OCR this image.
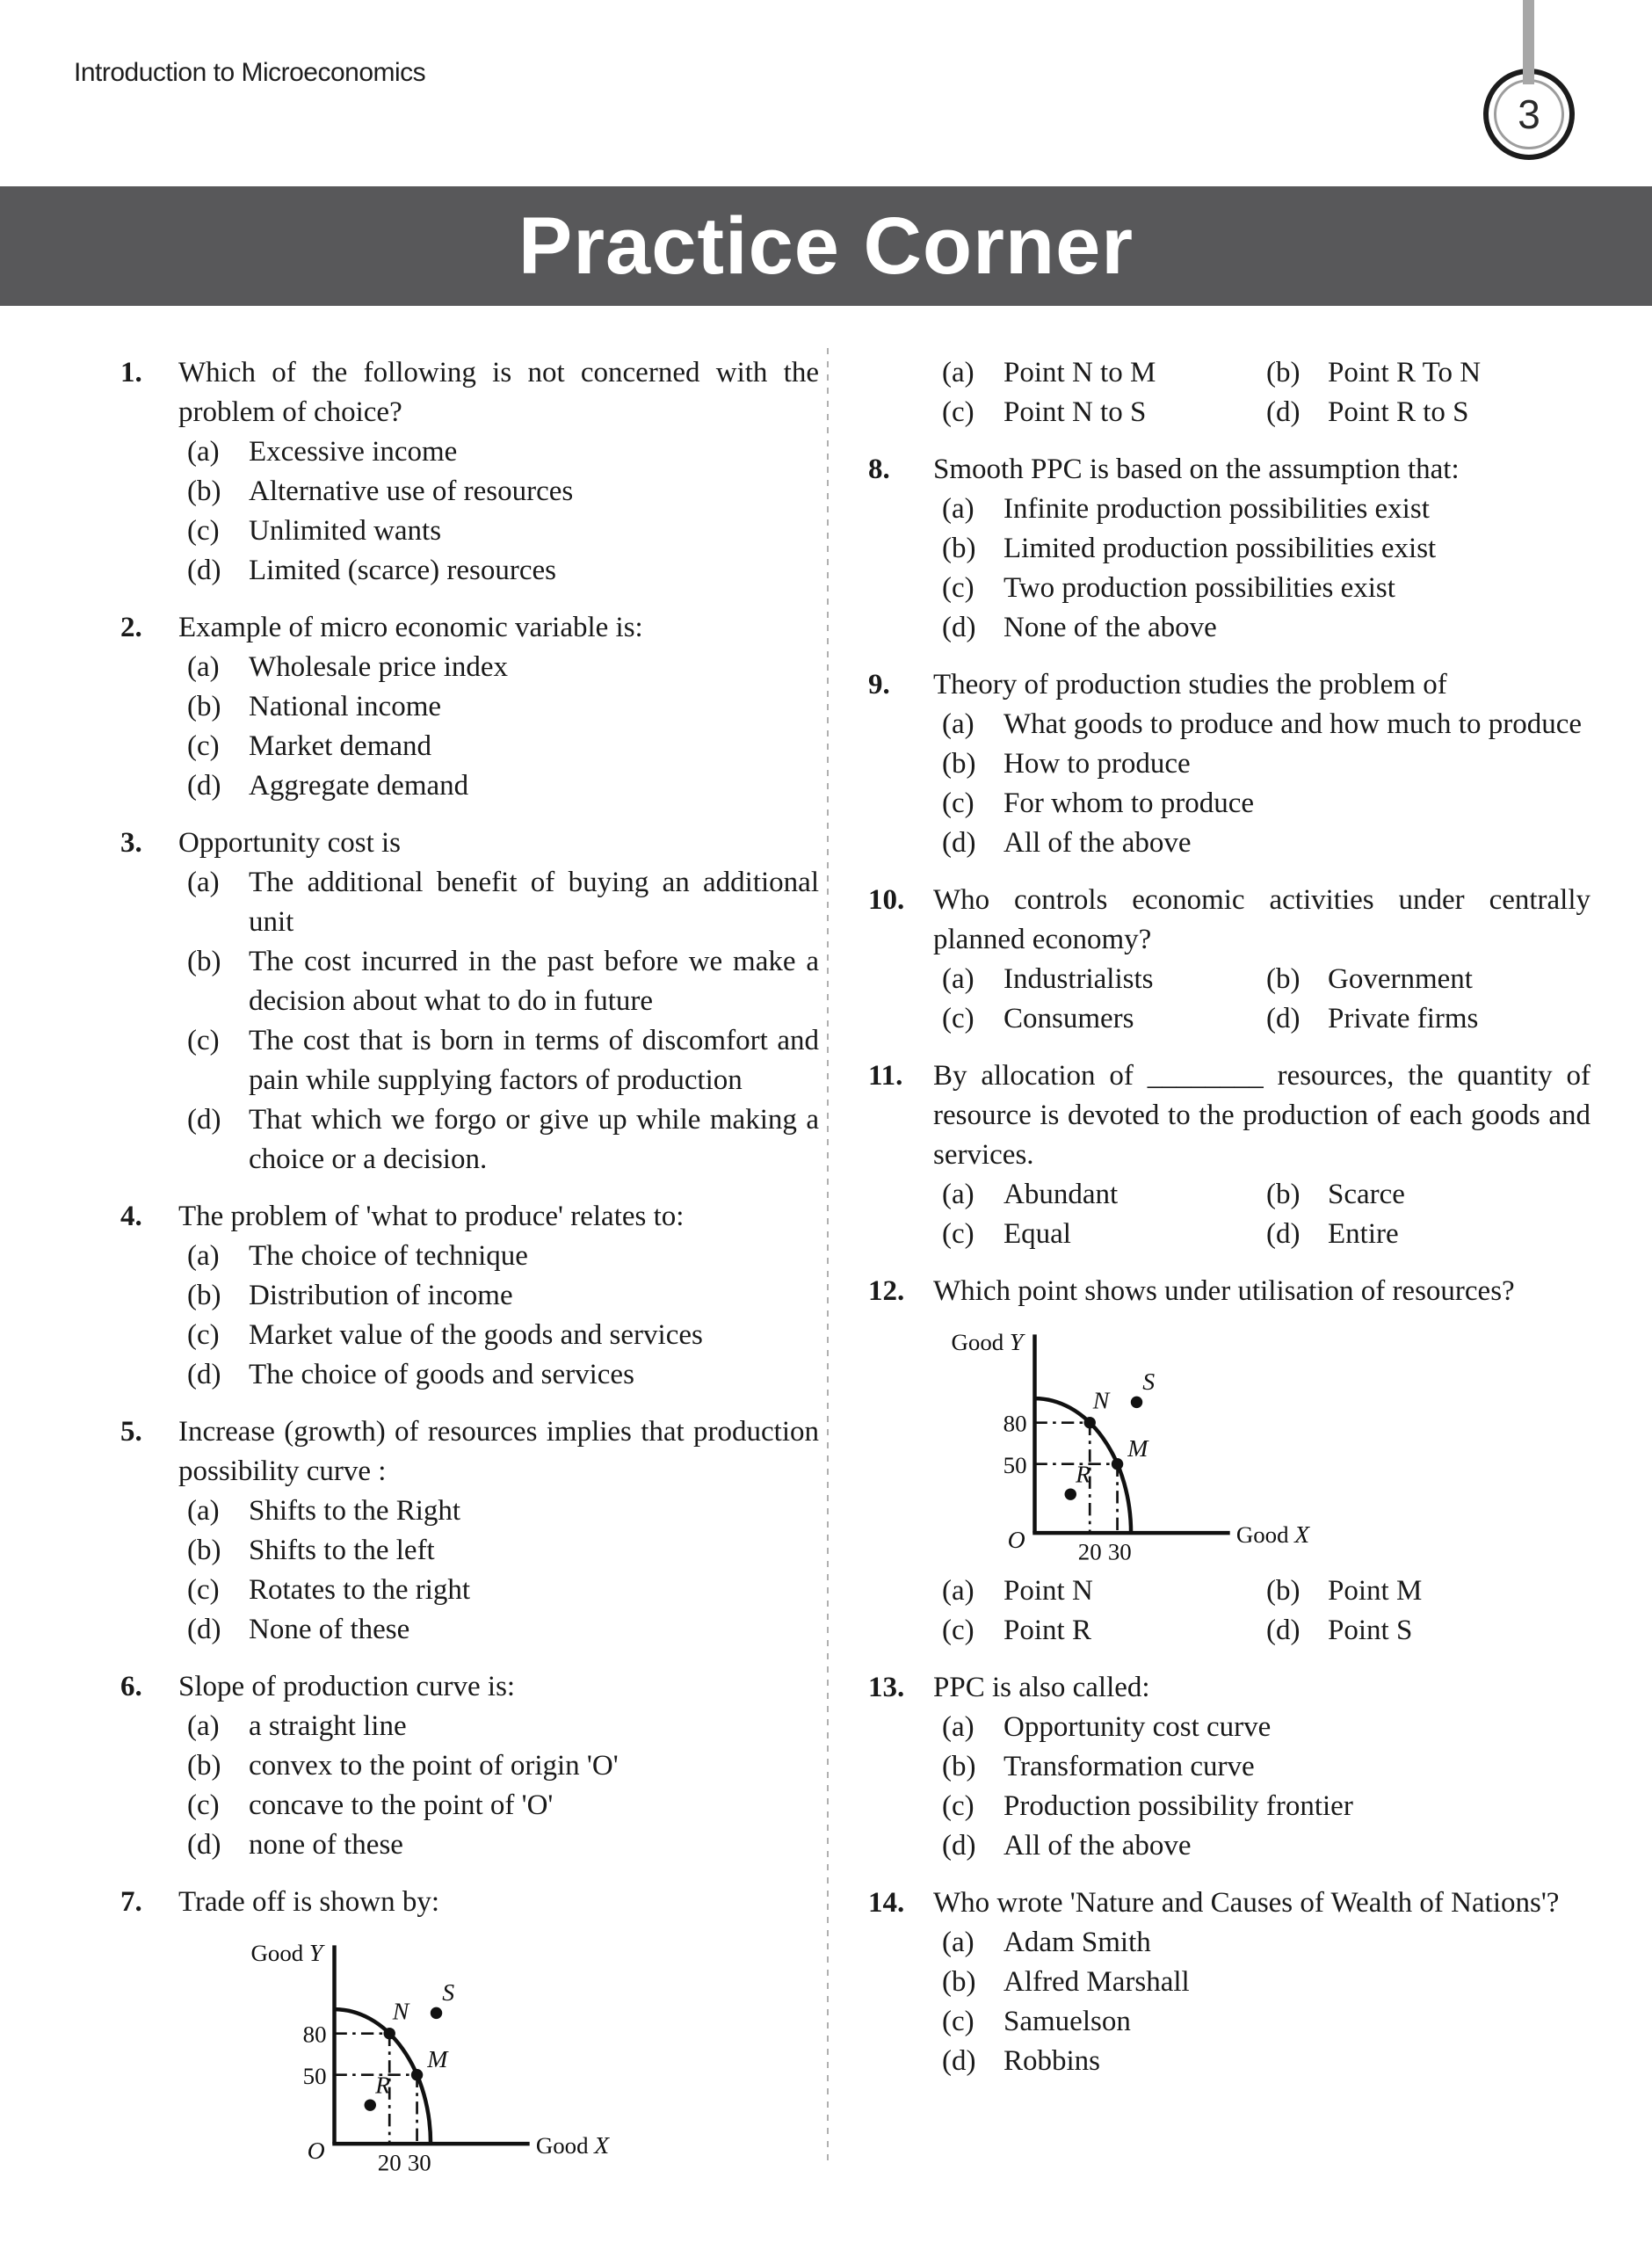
Introduction to Microeconomics
3
Practice Corner
1.	Which of the following is not concerned with the problem of choice?
(a)	Excessive income
(b) Alternative use of resources
(c)	Unlimited wants
(d) Limited (scarce) resources
2.	Example of micro economic variable is:
(a)	Wholesale price index
(b) National income
(c)	Market demand
(d) Aggregate demand
3.	Opportunity cost is
(a)	The additional benefit of buying an additional unit
(b) The cost incurred in the past before we make a decision about what to do in future
(c)	The cost that is born in terms of discomfort and pain while supplying factors of production
(d) That which we forgo or give up while making a choice or a decision.
4.	The problem of 'what to produce' relates to:
(a)	The choice of technique
(b) Distribution of income
(c)	Market value of the goods and services
(d) The choice of goods and services
5.	Increase (growth) of resources implies that production possibility curve :
(a)	Shifts to the Right
(b) Shifts to the left
(c)	Rotates to the right
(d) None of these
6.	Slope of production curve is:
(a)	a straight line
(b) convex to the point of origin 'O'
(c)	concave to the point of 'O'
(d) none of these
7.	Trade off is shown by:
Good Y
Good X
O
80
50
20 30
N
M
S
R
(a)	Point N to M	(b) Point R To N
(c)	Point N to S	(d) Point R to S
8.	Smooth PPC is based on the assumption that:
(a)	Infinite production possibilities exist
(b) Limited production possibilities exist
(c)	Two production possibilities exist
(d) None of the above
9.	Theory of production studies the problem of
(a)	What goods to produce and how much to produce
(b) How to produce
(c)	For whom to produce
(d) All of the above
10. Who controls economic activities under centrally planned economy?
(a)	Industrialists	(b) Government
(c)	Consumers	(d) Private firms
11.	By allocation of ________ resources, the quantity of resource is devoted to the production of each goods and services.
(a)	Abundant	(b) Scarce
(c)	Equal	(d) Entire
12. Which point shows under utilisation of resources?
Good Y
Good X
O
80
50
20 30
N
M
S
R
(a)	Point N	(b) Point M
(c)	Point R	(d) Point S
13. PPC is also called:
(a)	Opportunity cost curve
(b) Transformation curve
(c)	Production possibility frontier
(d) All of the above
14. Who wrote 'Nature and Causes of Wealth of Nations'?
(a)	Adam Smith
(b) Alfred Marshall
(c)	Samuelson
(d) Robbins
